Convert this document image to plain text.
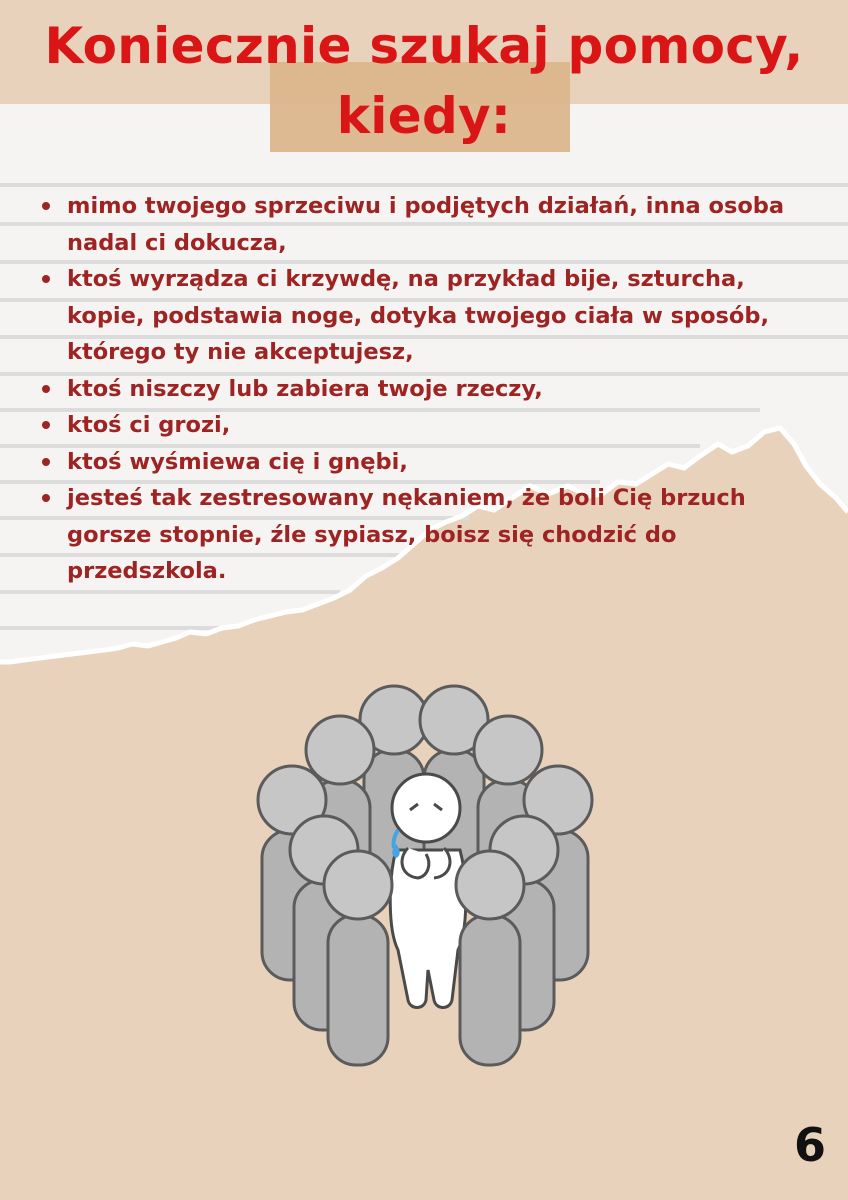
Koniecznie szukaj pomocy,
kiedy:
mimo twojego sprzeciwu i podjętych działań, inna osoba nadal ci dokucza,
ktoś wyrządza ci krzywdę, na przykład bije, szturcha, kopie, podstawia noge, dotyka twojego ciała w sposób, którego ty nie akceptujesz,
ktoś niszczy lub zabiera twoje rzeczy,
ktoś ci grozi,
ktoś wyśmiewa cię i gnębi,
jesteś tak zestresowany nękaniem, że boli Cię brzuch gorsze stopnie, źle sypiasz, boisz się chodzić do przedszkola.
6
